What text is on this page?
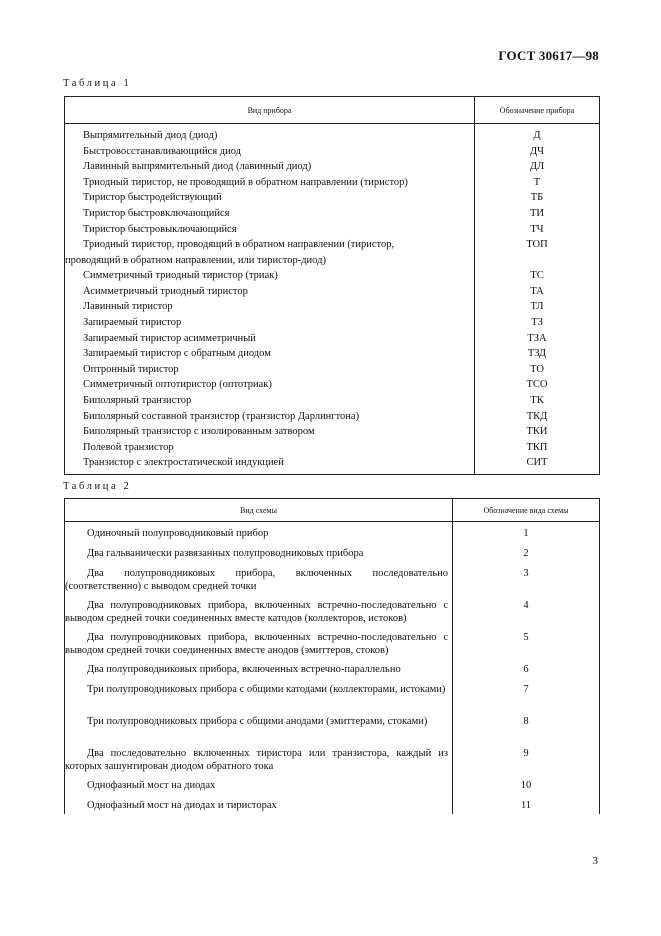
ГОСТ 30617—98
Таблица 1
Вид прибора	Обозначение прибора
Выпрямительный диод (диод)	Д
Быстровосстанавливающийся диод	ДЧ
Лавинный выпрямительный диод (лавинный диод)	ДЛ
Триодный тиристор, не проводящий в обратном направлении (тиристор)	Т
Тиристор быстродействующий	ТБ
Тиристор быстровключающийся	ТИ
Тиристор быстровыключающийся	ТЧ

Триодный тиристор, проводящий в обратном направлении (тиристор,
проводящий в обратном направлении, или тиристор-диод)	ТОП
Симметричный триодный тиристор (триак)	ТС
Асимметричный триодный тиристор	ТА
Лавинный тиристор	ТЛ
Запираемый тиристор	ТЗ
Запираемый тиристор асимметричный	ТЗА
Запираемый тиристор с обратным диодом	ТЗД
Оптронный тиристор	ТО
Симметричный оптотиристор (оптотриак)	ТСО
Биполярный транзистор	ТК
Биполярный составной транзистор (транзистор Дарлингтона)	ТКД
Биполярный транзистор с изолированным затвором	ТКИ
Полевой транзистор	ТКП
Транзистор с электростатической индукцией	СИТ
Таблица 2
Вид схемы	Обозначение вида схемы

Одиночный полупроводниковый прибор	1

Два гальванически развязанных полупроводниковых прибора	2

Два полупроводниковых прибора, включенных последовательно (соответственно) с выводом средней точки	3

Два полупроводниковых прибора, включенных встречно-последовательно с выводом средней точки соединенных вместе катодов (коллекторов, истоков)	4

Два полупроводниковых прибора, включенных встречно-последовательно с выводом средней точки соединенных вместе анодов (эмиттеров, стоков)	5

Два полупроводниковых прибора, включенных встречно-параллельно	6

Три полупроводниковых прибора с общими катодами (коллекторами, истоками)	7

Три полупроводниковых прибора с общими анодами (эмиттерами, стоками)	8

Два последовательно включенных тиристора или транзистора, каждый из которых зашунтирован диодом обратного тока	9

Однофазный мост на диодах	10

Однофазный мост на диодах и тиристорах	11
3
